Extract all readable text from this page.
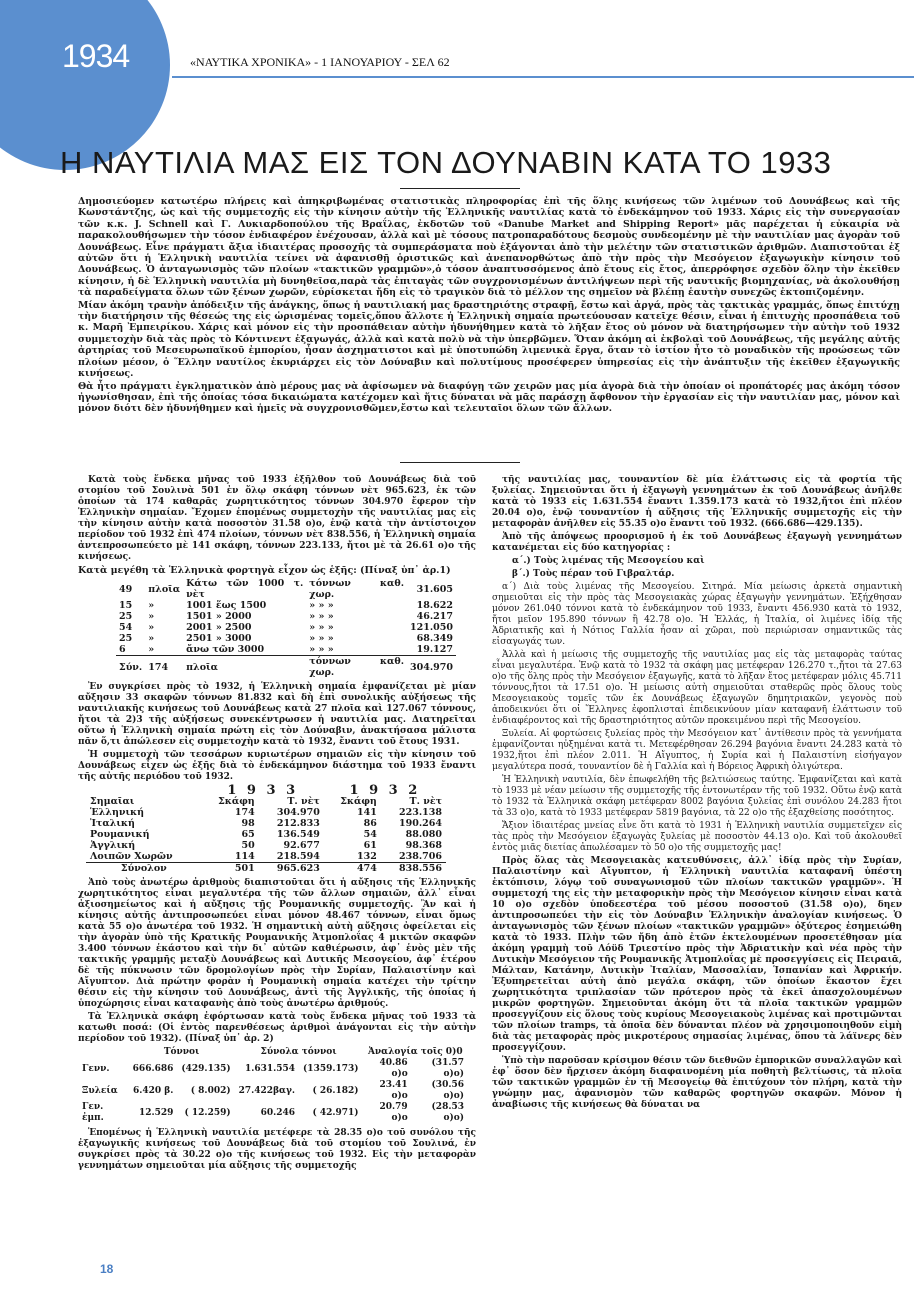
1934	«ΝΑΥΤΙΚΑ ΧΡΟΝΙΚΑ» - 1 ΙΑΝΟΥΑΡΙΟΥ - ΣΕΛ 62
Η ΝΑΥΤΙΛΙΑ ΜΑΣ ΕΙΣ ΤΟΝ ΔΟΥΝΑΒΙΝ ΚΑΤΑ ΤΟ 1933

Δημοσιεύομεν κατωτέρω πλήρεις καὶ ἀπηκριβωμένας στατιστικὰς πληροφορίας ἐπὶ τῆς ὅλης κινήσεως τῶν λιμένων τοῦ Δουνάβεως καὶ τῆς Κωνστάντζης, ὡς καὶ τῆς συμμετοχῆς εἰς τὴν κίνησιν αὐτὴν τῆς Ἑλληνικῆς ναυτιλίας κατὰ τὸ ἑνδεκάμηνον τοῦ 1933. Χάρις εἰς τὴν συνεργασίαν τῶν κ.κ. J. Schnell καὶ Γ. Λυκιαρδοπούλου τῆς Βραΐλας, ἐκδοτῶν τοῦ «Danube Market and Shipping Report» μᾶς παρέχεται ἡ εὐκαιρία νὰ παρακολουθήσωμεν τὴν τόσον ἐνδιαφέρον ἐνέχουσαν, ἀλλὰ καὶ μὲ τόσους πατροπαραδότους δεσμοὺς συνδεομένην μὲ τὴν ναυτιλίαν μας ἀγορὰν τοῦ Δουνάβεως. Εἶνε πράγματι ἄξια ἰδιαιτέρας προσοχῆς τὰ συμπεράσματα ποὺ ἐξάγονται ἀπὸ τὴν μελέτην τῶν στατιστικῶν ἀριθμῶν. Διαπιστοῦται ἐξ αὐτῶν ὅτι ἡ Ἑλληνικὴ ναυτιλία τείνει νὰ ἀφανισθῇ ὁριστικῶς καὶ ἀνεπανορθώτως ἀπὸ τὴν πρὸς τὴν Μεσόγειον ἐξαγωγικὴν κίνησιν τοῦ Δουνάβεως. Ὁ ἀνταγωνισμὸς τῶν πλοίων «τακτικῶν γραμμῶν»,ὁ τόσον ἀναπτυσσόμενος ἀπὸ ἔτους εἰς ἔτος, ἀπερρόφησε σχεδὸν ὅλην τὴν ἐκεῖθεν κίνησιν, ἡ δὲ Ἑλληνικὴ ναυτιλία μὴ δυνηθεῖσα,παρὰ τὰς ἐπιταγὰς τῶν συγχρονισμένων ἀντιλήψεων περὶ τῆς ναυτικῆς βιομηχανίας, νὰ ἀκολουθήσῃ τὰ παραδείγματα ὅλων τῶν ξένων χωρῶν, εὑρίσκεται ἤδη εἰς τὸ τραγικὸν διὰ τὸ μέλλον της σημεῖον νὰ βλέπῃ ἑαυτὴν συνεχῶς ἐκτοπιζομένην.

Μίαν ἀκόμη τρανὴν ἀπόδειξιν τῆς ἀνάγκης, ὅπως ἡ ναυτιλιακή μας δραστηριότης στραφῇ, ἔστω καὶ ἀργά, πρὸς τὰς τακτικὰς γραμμάς, ὅπως ἐπιτύχῃ τὴν διατήρησιν τῆς θέσεώς της εἰς ὡρισμένας τομεῖς,ὅπου ἄλλοτε ἡ Ἑλληνικὴ σημαία πρωτεύουσαν κατεῖχε θέσιν, εἶναι ἡ ἐπιτυχὴς προσπάθεια τοῦ κ. Μαρῆ Ἐμπειρίκου. Χάρις καὶ μόνον εἰς τὴν προσπάθειαν αὐτὴν ἠδυνήθημεν κατὰ τὸ λῆξαν ἔτος οὐ μόνον νὰ διατηρήσωμεν τὴν αὐτὴν τοῦ 1932 συμμετοχὴν διὰ τὰς πρὸς τὸ Κόντινεντ ἐξαγωγάς, ἀλλὰ καὶ κατὰ πολὺ νὰ τὴν ὑπερβῶμεν. Ὅταν ἀκόμη αἱ ἐκβολαὶ τοῦ Δουνάβεως, τῆς μεγάλης αὐτῆς ἀρτηρίας τοῦ Μεσευρωπαϊκοῦ ἐμπορίου, ἦσαν ἀσχηματιστοι καὶ μὲ ὑποτυπώδη λιμενικὰ ἔργα, ὅταν τὸ ἱστίον ἦτο τὸ μοναδικὸν τῆς προώσεως τῶν πλοίων μέσον, ὁ Ἕλλην ναυτίλος ἐκυριάρχει εἰς τὸν Δούναβιν καὶ πολυτίμους προσέφερεν ὑπηρεσίας εἰς τὴν ἀνάπτυξιν τῆς ἐκεῖθεν ἐξαγωγικῆς κινήσεως.

Θὰ ἦτο πράγματι ἐγκληματικὸν ἀπὸ μέρους μας νὰ ἀφίσωμεν νὰ διαφύγῃ τῶν χειρῶν μας μία ἀγορὰ διὰ τὴν ὁποίαν οἱ προπάτορές μας ἀκόμη τόσον ἠγωνίσθησαν, ἐπὶ τῆς ὁποίας τόσα δικαιώματα κατέχομεν καὶ ἥτις δύναται νὰ μᾶς παράσχῃ ἄφθονον τὴν ἐργασίαν εἰς τὴν ναυτιλίαν μας, μόνον καὶ μόνον διότι δὲν ἠδυνήθημεν καὶ ἡμεῖς νὰ συγχρονισθῶμεν,ἔστω καὶ τελευταῖοι ὅλων τῶν ἄλλων.

Κατὰ τοὺς ἕνδεκα μῆνας τοῦ 1933 ἐξῆλθον τοῦ Δουνάβεως διὰ τοῦ στομίου τοῦ Σουλινὰ 501 ἐν ὅλῳ σκάφη τόννων νὲτ 965.623, ἐκ τῶν ὁποίων τὰ 174 καθαρᾶς χωρητικότητος τόννων 304.970 ἔφερον τὴν Ἑλληνικὴν σημαίαν. Ἔχομεν ἑπομένως συμμετοχὴν τῆς ναυτιλίας μας εἰς τὴν κίνησιν αὐτὴν κατὰ ποσοστὸν 31.58 ο)ο, ἐνῷ κατὰ τὴν ἀντίστοιχον περίοδον τοῦ 1932 ἐπὶ 474 πλοίων, τόννων νὲτ 838.556, ἡ Ἑλληνικὴ σημαία ἀντεπροσωπεύετο μὲ 141 σκάφη, τόννων 223.133, ἤτοι μὲ τὰ 26.61 ο)ο τῆς κινήσεως.

Κατὰ μεγέθη τὰ Ἑλληνικὰ φορτηγὰ εἶχον ὡς ἑξῆς: (Πίναξ ὑπ᾿ ἀρ.1)

49	πλοῖα	Κάτω τῶν 1000 τ. νὲτ	τόννων καθ. χωρ.	31.605
15	»	1001 ἕως 1500	» » »	18.622
25	»	1501 » 2000	» » »	46.217
54	»	2001 » 2500	» » »	121.050
25	»	2501 » 3000	» » »	68.349
6	»	ἄνω τῶν 3000	» » »	19.127
Σύν.	174	πλοῖα	τόννων καθ. χωρ.	304.970

Ἐν συγκρίσει πρὸς τὸ 1932, ἡ Ἑλληνικὴ σημαία ἐμφανίζεται μὲ μίαν αὔξησιν 33 σκαφῶν τόννων 81.832 καὶ δὴ ἐπὶ συνολικῆς αὐξήσεως τῆς ναυτιλιακῆς κινήσεως τοῦ Δουνάβεως κατὰ 27 πλοῖα καὶ 127.067 τόννους, ἤτοι τὰ 2)3 τῆς αὐξήσεως συνεκέντρωσεν ἡ ναυτιλία μας. Διατηρεῖται οὕτω ἡ Ἑλληνικὴ σημαία πρώτη εἰς τὸν Δούναβιν, ἀνακτήσασα μάλιστα πᾶν ὅ,τι ἀπώλεσεν εἰς συμμετοχὴν κατὰ τὸ 1932, ἔναντι τοῦ ἔτους 1931.

Ἡ συμμετοχὴ τῶν τεσσάρων κυριωτέρων σημαιῶν εἰς τὴν κίνησιν τοῦ Δουνάβεως εἶχεν ὡς ἑξῆς διὰ τὸ ἑνδεκάμηνον διάστημα τοῦ 1933 ἔναντι τῆς αὐτῆς περιόδου τοῦ 1932.

	1 9 3 3		1 9 3 2	
Σημαῖαι	Σκάφη	Τ. νὲτ	Σκάφη	Τ. νὲτ
Ἑλληνική	174	304.970	141	223.138
Ἰταλική	98	212.833	86	190.264
Ρουμανική	65	136.549	54	88.080
Ἀγγλική	50	92.677	61	98.368
Λοιπῶν Χωρῶν	114	218.594	132	238.706
Σύνολον	501	965.623	474	838.556

Ἀπὸ τοὺς ἀνωτέρω ἀριθμοὺς διαπιστοῦται ὅτι ἡ αὔξησις τῆς Ἑλληνικῆς χωρητικότητος εἶναι μεγαλυτέρα τῆς τῶν ἄλλων σημαιῶν, ἀλλ᾿ εἶναι ἀξιοσημείωτος καὶ ἡ αὔξησις τῆς Ρουμανικῆς συμμετοχῆς. Ἂν καὶ ἡ κίνησις αὐτῆς ἀντιπροσωπεύει εἶναι μόνον 48.467 τόννων, εἶναι ὅμως κατὰ 55 ο)ο ἀνωτέρα τοῦ 1932. Ἡ σημαντικὴ αὐτὴ αὔξησις ὀφείλεται εἰς τὴν ἀγορὰν ὑπὸ τῆς Κρατικῆς Ρουμανικῆς Ἀτμοπλοΐας 4 μικτῶν σκαφῶν 3.400 τόννων ἑκάστου καὶ τὴν δι᾿ αὐτῶν καθιέρωσιν, ἀφ᾿ ἑνὸς μὲν τῆς τακτικῆς γραμμῆς μεταξὺ Δουνάβεως καὶ Δυτικῆς Μεσογείου, ἀφ᾿ ἑτέρου δὲ τῆς πύκνωσιν τῶν δρομολογίων πρὸς τὴν Συρίαν, Παλαιστίνην καὶ Αἴγυπτον. Διὰ πρώτην φορὰν ἡ Ρουμανικὴ σημαία κατέχει τὴν τρίτην θέσιν εἰς τὴν κίνησιν τοῦ Δουνάβεως, ἀντὶ τῆς Ἀγγλικῆς, τῆς ὁποίας ἡ ὑποχώρησις εἶναι καταφανὴς ἀπὸ τοὺς ἀνωτέρω ἀριθμούς.

Τὰ Ἑλληνικὰ σκάφη ἐφόρτωσαν κατὰ τοὺς ἕνδεκα μῆνας τοῦ 1933 τὰ κατωθι ποσά: (Οἱ ἐντὸς παρενθέσεως ἀριθμοὶ ἀνάγονται εἰς τὴν αὐτὴν περίοδον τοῦ 1932). (Πίναξ ὑπ᾿ ἀρ. 2)

	Τόννοι		Σύνολα τόννοι		Ἀναλογία τοῖς 0)0	
Γενν.	666.686	(429.135)	1.631.554	(1359.173)	40.86 ο)ο	(31.57 ο)ο)
Ξυλεία	6.420 β.	( 8.002)	27.422βαγ.	( 26.182)	23.41 ο)ο	(30.56 ο)ο)
Γεν. ἐμπ.	12.529	( 12.259)	60.246	( 42.971)	20.79 ο)ο	(28.53 ο)ο)

Ἑπομένως ἡ Ἑλληνικὴ ναυτιλία μετέφερε τὰ 28.35 ο)ο τοῦ συνόλου τῆς ἐξαγωγικῆς κινήσεως τοῦ Δουνάβεως διὰ τοῦ στομίου τοῦ Σουλινά, ἐν συγκρίσει πρὸς τὰ 30.22 ο)ο τῆς κινήσεως τοῦ 1932. Εἰς τὴν μεταφορὰν γεννημάτων σημειοῦται μία αὔξησις τῆς συμμετοχῆς

τῆς ναυτιλίας μας, τουναντίον δὲ μία ἐλάττωσις εἰς τὰ φορτία τῆς ξυλείας. Σημειοῦνται ὅτι ἡ ἐξαγωγὴ γεννημάτων ἐκ τοῦ Δουνάβεως ἀνῆλθε κατὰ τὸ 1933 εἰς 1.631.554 ἔναντι 1.359.173 κατὰ τὸ 1932,ἤτοι ἐπὶ πλέον 20.04 ο)ο, ἐνῷ τουναντίον ἡ αὔξησις τῆς Ἑλληνικῆς συμμετοχῆς εἰς τὴν μεταφορὰν ἀνῆλθεν εἰς 55.35 ο)ο ἔναντι τοῦ 1932. (666.686—429.135).

Ἀπὸ τῆς ἀπόψεως προορισμοῦ ἡ ἐκ τοῦ Δουνάβεως ἐξαγωγὴ γεννημάτων κατανέμεται εἰς δύο κατηγορίας :

α΄.) Τοὺς λιμένας τῆς Μεσογείου καὶ

β΄.) Τοὺς πέραν τοῦ Γιβραλτάρ.

α΄) Διὰ τοὺς λιμένας τῆς Μεσογείου. Σιτηρά. Μία μείωσις ἀρκετὰ σημαντικὴ σημειοῦται εἰς τὴν πρὸς τὰς Μεσογειακὰς χώρας ἐξαγωγὴν γεννημάτων. Ἐξήχθησαν μόνον 261.040 τόννοι κατὰ τὸ ἑνδεκάμηνον τοῦ 1933, ἔναντι 456.930 κατὰ τὸ 1932, ἤτοι μεῖον 195.890 τόννων ἢ 42.78 ο)ο. Ἡ Ἑλλάς, ἡ Ἰταλία, οἱ λιμένες ἰδίᾳ τῆς Ἀδριατικῆς καὶ ἡ Νότιος Γαλλία ἦσαν αἱ χῶραι, ποὺ περιώρισαν σημαντικῶς τὰς εἰσαγωγάς των.

Ἀλλὰ καὶ ἡ μείωσις τῆς συμμετοχῆς τῆς ναυτιλίας μας εἰς τὰς μεταφορὰς ταύτας εἶναι μεγαλυτέρα. Ἐνῷ κατὰ τὸ 1932 τὰ σκάφη μας μετέφεραν 126.270 τ.,ἤτοι τὰ 27.63 ο)ο τῆς ὅλης πρὸς τὴν Μεσόγειον ἐξαγωγῆς, κατὰ τὸ λῆξαν ἔτος μετέφεραν μόλις 45.711 τόννους,ἤτοι τὰ 17.51 ο)ο. Ἡ μείωσις αὐτὴ σημειοῦται σταθερῶς πρὸς ὅλους τοὺς Μεσογειακοὺς τομεῖς τῶν ἐκ Δουνάβεως ἐξαγωγῶν δημητριακῶν, γεγονὸς ποὺ ἀποδεικνύει ὅτι οἱ Ἕλληνες ἐφοπλισταὶ ἐπιδεικνύουν μίαν καταφανῆ ἐλάττωσιν τοῦ ἐνδιαφέροντος καὶ τῆς δραστηριότητος αὐτῶν προκειμένου περὶ τῆς Μεσογείου.

Ξυλεία. Αἱ φορτώσεις ξυλείας πρὸς τὴν Μεσόγειον κατ᾿ ἀντίθεσιν πρὸς τὰ γεννήματα ἐμφανίζονται ηὐξημέναι κατὰ τι. Μετεφέρθησαν 26.294 βαγόνια ἔναντι 24.283 κατὰ τὸ 1932,ἤτοι ἐπὶ πλέον 2.011. Ἡ Αἴγυπτος, ἡ Συρία καὶ ἡ Παλαιστίνη εἰσήγαγον μεγαλύτερα ποσά, τουναντίον δὲ ἡ Γαλλία καὶ ἡ Βόρειος Ἀφρικὴ ὀλιγώτερα.

Ἡ Ἑλληνικὴ ναυτιλία, δὲν ἐπωφελήθη τῆς βελτιώσεως ταύτης. Ἐμφανίζεται καὶ κατὰ τὸ 1933 μὲ νέαν μείωσιν τῆς συμμετοχῆς τῆς ἐντονωτέραν τῆς τοῦ 1932. Οὕτω ἐνῷ κατὰ τὸ 1932 τὰ Ἑλληνικὰ σκάφη μετέφεραν 8002 βαγόνια ξυλείας ἐπὶ συνόλου 24.283 ἤτοι τὰ 33 ο)ο, κατὰ τὸ 1933 μετέφεραν 5819 βαγόνια, τὰ 22 ο)ο τῆς ἐξαχθείσης ποσότητος.

Ἄξιον ἰδιαιτέρας μνείας εἶνε ὅτι κατὰ τὸ 1931 ἡ Ἑλληνικὴ ναυτιλία συμμετεῖχεν εἰς τὰς πρὸς τὴν Μεσόγειον ἐξαγωγὰς ξυλείας μὲ ποσοστὸν 44.13 ο)ο. Καὶ τοῦ ἀκολουθεῖ ἐντὸς μιᾶς διετίας ἀπωλέσαμεν τὸ 50 ο)ο τῆς συμμετοχῆς μας!

Πρὸς ὅλας τὰς Μεσογειακὰς κατευθύνσεις, ἀλλ᾿ ἰδίᾳ πρὸς τὴν Συρίαν, Παλαιστίνην καὶ Αἴγυπτον, ἡ Ἑλληνικὴ ναυτιλία καταφανῆ ὑπέστη ἐκτόπισιν, λόγῳ τοῦ συναγωνισμοῦ τῶν πλοίων τακτικῶν γραμμῶν». Ἡ συμμετοχή της εἰς τὴν μεταφορικὴν πρὸς τὴν Μεσόγειον κίνησιν εἶναι κατὰ 10 ο)ο σχεδὸν ὑποδεεστέρα τοῦ μέσου ποσοστοῦ (31.58 ο)ο), δηεν ἀντιπροσωπεύει τὴν εἰς τὸν Δούναβιν Ἑλληνικὴν ἀναλογίαν κινήσεως. Ὁ ἀνταγωνισμὸς τῶν ξένων πλοίων «τακτικῶν γραμμῶν» ὀξύτερος ἐσημειώθη κατὰ τὸ 1933. Πλὴν τῶν ἤδη ἀπὸ ἐτῶν ἐκτελουμένων προσετέθησαν μία ἀκόμη γραμμὴ τοῦ Λόϋδ Τριεστίνο πρὸς τὴν Ἀδριατικὴν καὶ νέα πρὸς τὴν Δυτικὴν Μεσόγειον τῆς Ρουμανικῆς Ἀτμοπλοΐας μὲ προσεγγίσεις εἰς Πειραιᾶ, Μάλταν, Κατάνην, Δυτικὴν Ἰταλίαν, Μασσαλίαν, Ἱσπανίαν καὶ Ἀφρικήν. Ἐξυπηρετεῖται αὐτὴ ἀπὸ μεγάλα σκάφη, τῶν ὁποίων ἕκαστον ἔχει χωρητικότητα τριπλασίαν τῶν πρότερον πρὸς τὰ ἐκεῖ ἀπασχολουμένων μικρῶν φορτηγῶν. Σημειοῦνται ἀκόμη ὅτι τὰ πλοῖα τακτικῶν γραμμῶν προσεγγίζουν εἰς ὅλους τοὺς κυρίους Μεσογειακοὺς λιμένας καὶ προτιμῶνται τῶν πλοίων tramps, τὰ ὁποῖα δὲν δύνανται πλέον νὰ χρησιμοποιηθοῦν εἰμὴ διὰ τὰς μεταφορὰς πρὸς μικροτέρους σημασίας λιμένας, ὅπου τὰ λάϊνερς δὲν προσεγγίζουν.

Ὑπὸ τὴν παροῦσαν κρίσιμον θέσιν τῶν διεθνῶν ἐμπορικῶν συναλλαγῶν καὶ ἐφ᾿ ὅσον δὲν ἤρχισεν ἀκόμη διαφαινομένη μία ποθητὴ βελτίωσις, τὰ πλοῖα τῶν τακτικῶν γραμμῶν ἐν τῇ Μεσογείῳ θὰ ἐπιτύχουν τὸν πλήρη, κατὰ τὴν γνώμην μας, ἀφανισμὸν τῶν καθαρῶς φορτηγῶν σκαφῶν. Μόνον ἡ ἀναβίωσις τῆς κινήσεως θὰ δύναται να

18
